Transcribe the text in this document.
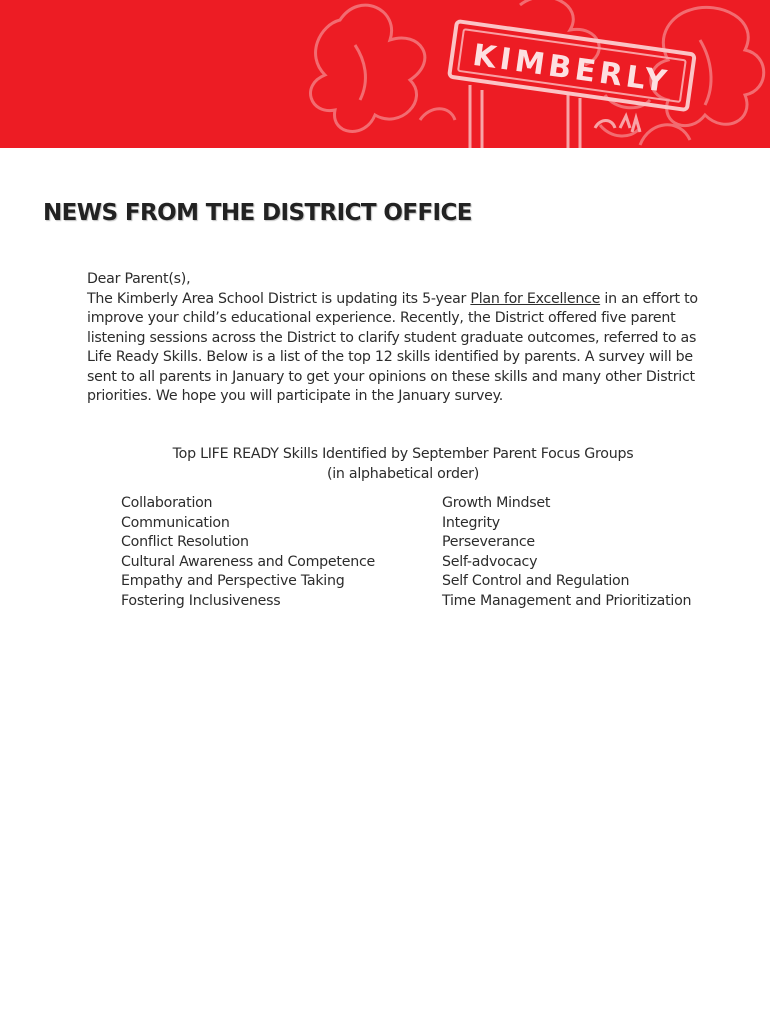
KIMBERLY
NEWS FROM THE DISTRICT OFFICE

Dear Parent(s),

The Kimberly Area School District is updating its 5-year Plan for Excellence in an effort to improve your child’s educational experience. Recently, the District offered five parent listening sessions across the District to clarify student graduate outcomes, referred to as Life Ready Skills. Below is a list of the top 12 skills identified by parents. A survey will be sent to all parents in January to get your opinions on these skills and many other District priorities. We hope you will participate in the January survey.

Top LIFE READY Skills Identified by September Parent Focus Groups
(in alphabetical order)
Collaboration
Communication
Conflict Resolution
Cultural Awareness and Competence
Empathy and Perspective Taking
Fostering Inclusiveness
Growth Mindset
Integrity
Perseverance
Self-advocacy
Self Control and Regulation
Time Management and Prioritization
